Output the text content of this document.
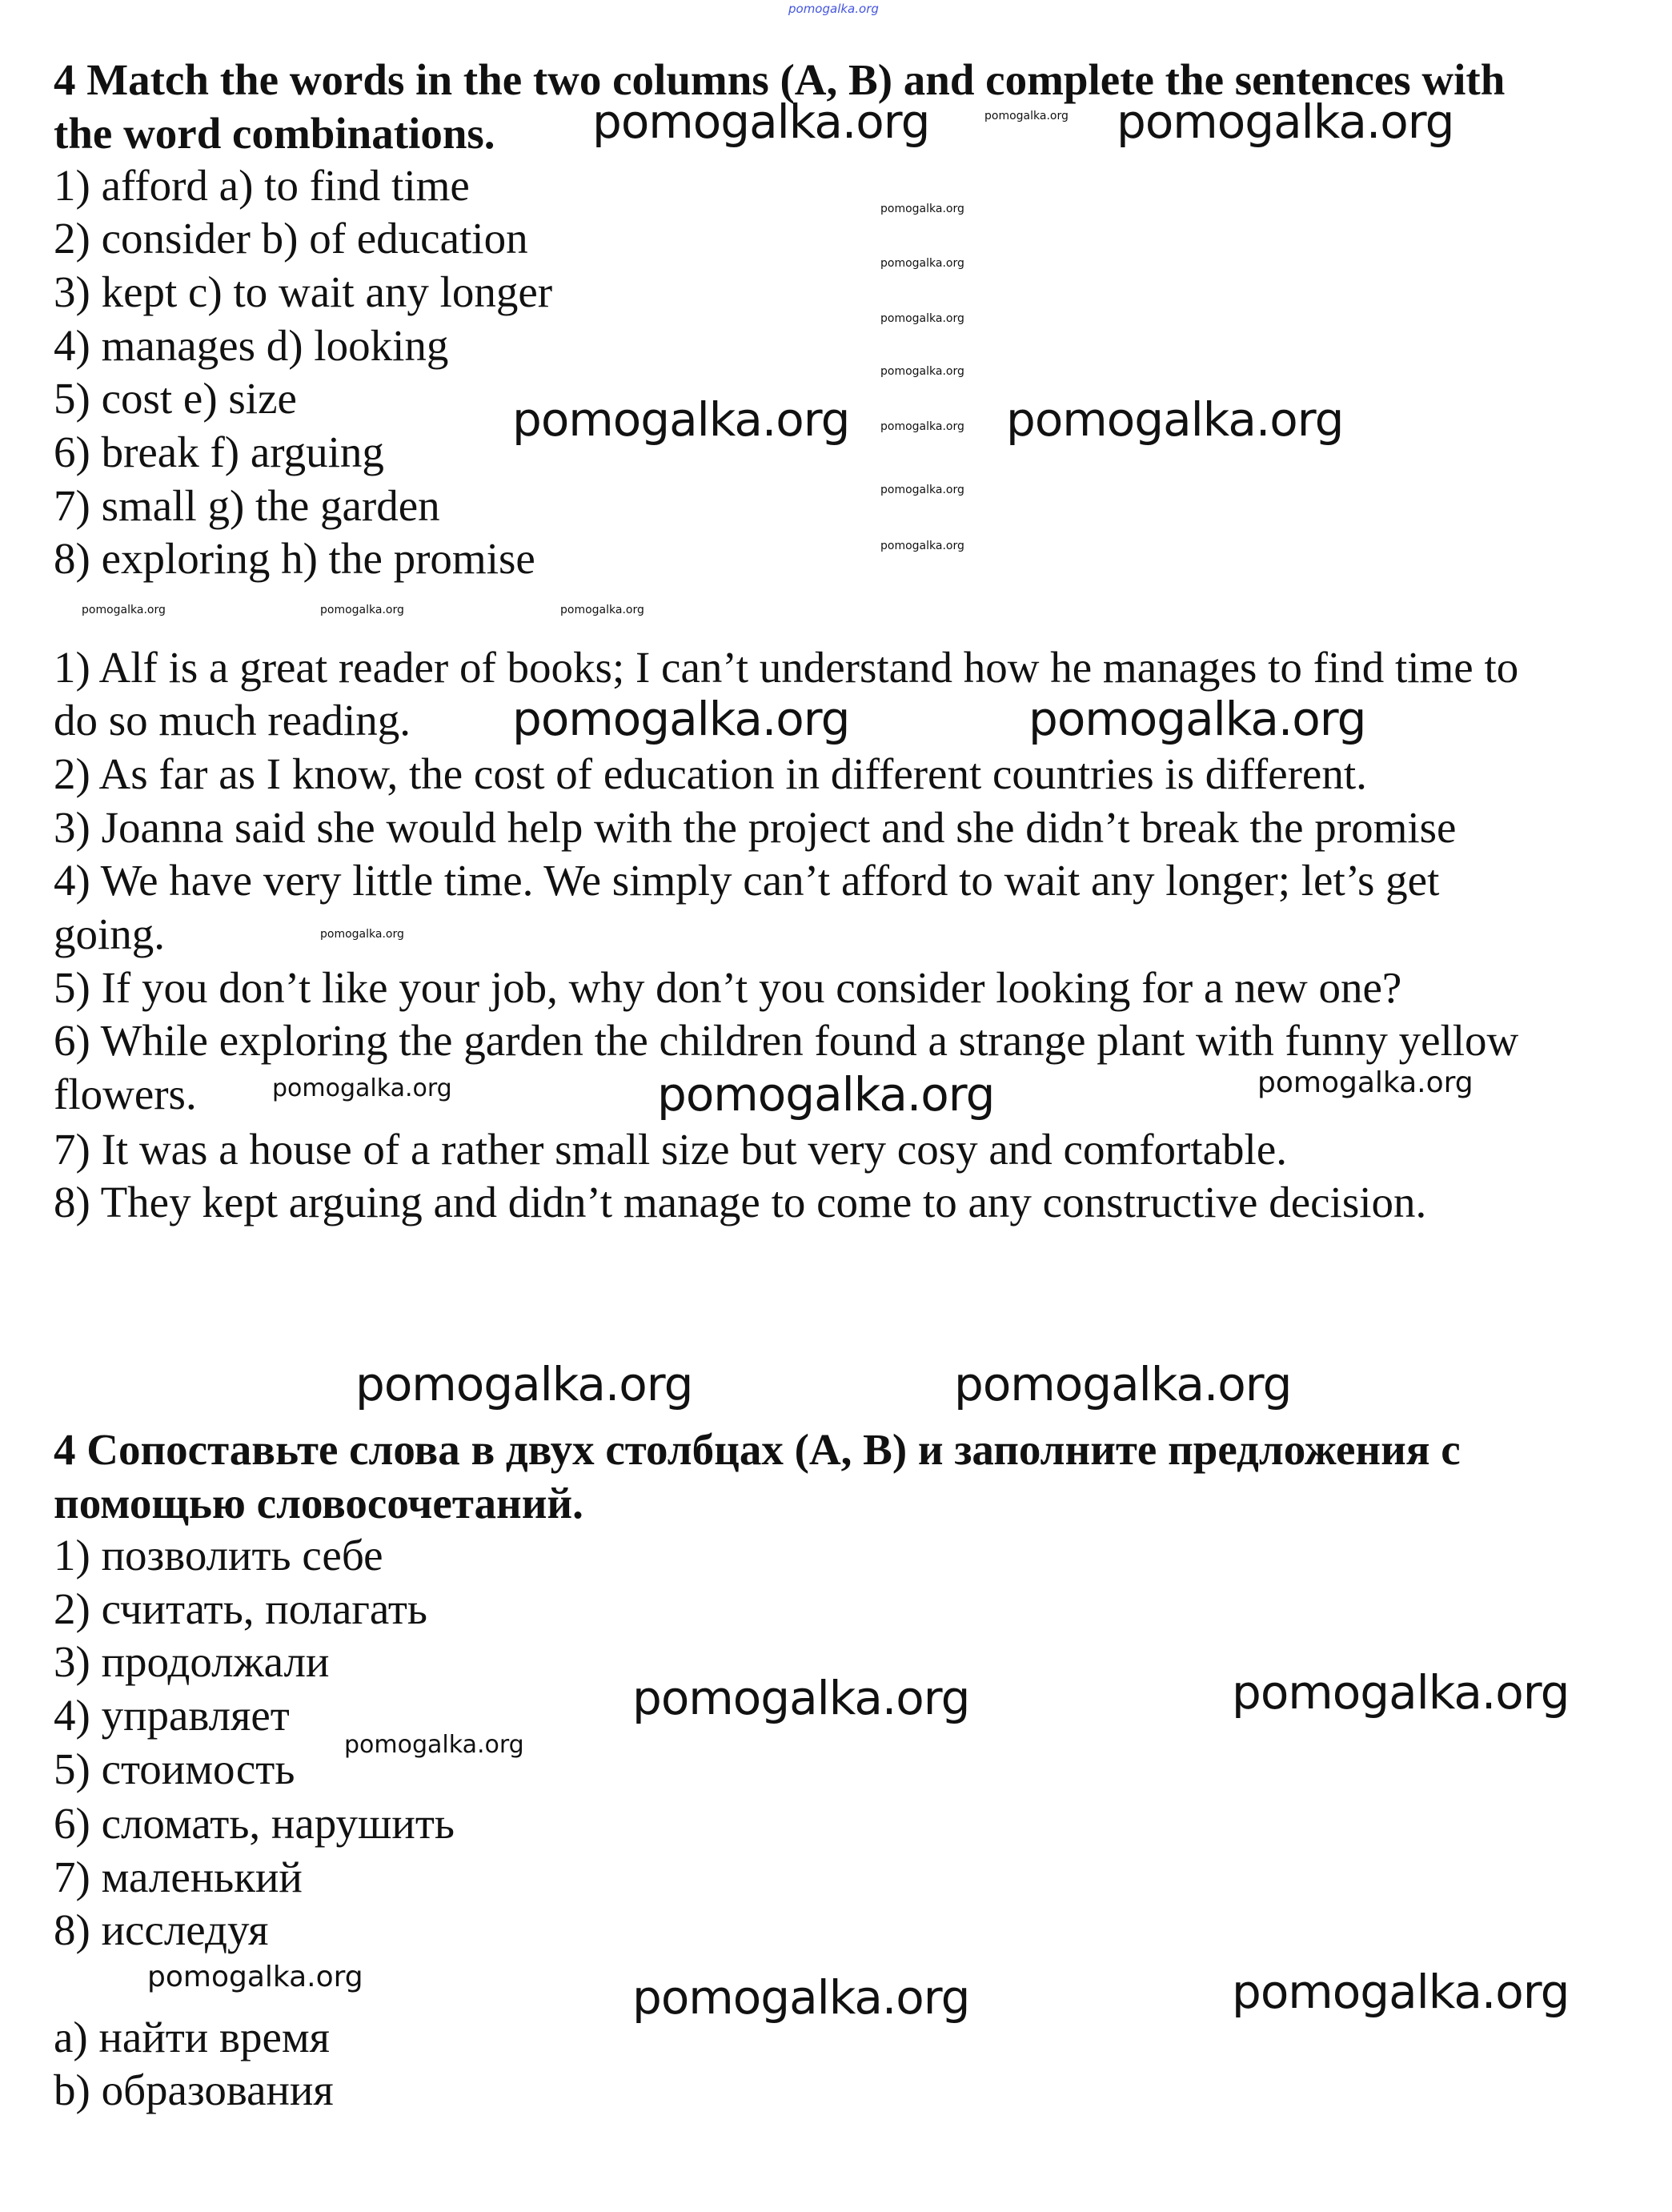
4 Match the words in the two columns (A, B) and complete the sentences with
the word combinations.
1) afford a) to find time
2) consider b) of education
3) kept c) to wait any longer
4) manages d) looking
5) cost e) size
6) break f) arguing
7) small g) the garden
8) exploring h) the promise
1) Alf is a great reader of books; I can’t understand how he manages to find time to
do so much reading.
2) As far as I know, the cost of education in different countries is different.
3) Joanna said she would help with the project and she didn’t break the promise
4) We have very little time. We simply can’t afford to wait any longer; let’s get
going.
5) If you don’t like your job, why don’t you consider looking for a new one?
6) While exploring the garden the children found a strange plant with funny yellow
flowers.
7) It was a house of a rather small size but very cosy and comfortable.
8) They kept arguing and didn’t manage to come to any constructive decision.
4 Сопоставьте слова в двух столбцах (A, B) и заполните предложения с
помощью словосочетаний.
1) позволить себе
2) считать, полагать
3) продолжали
4) управляет
5) стоимость
6) сломать, нарушить
7) маленький
8) исследуя
a) найти время
b) образования
pomogalka.org
pomogalka.org	pomogalka.org
pomogalka.org	pomogalka.org
pomogalka.org	pomogalka.org
pomogalka.org
pomogalka.org	pomogalka.org
pomogalka.org	pomogalka.org
pomogalka.org	pomogalka.org
pomogalka.org
pomogalka.org
pomogalka.org
pomogalka.org
pomogalka.org
pomogalka.org
pomogalka.org
pomogalka.org
pomogalka.org
pomogalka.org
pomogalka.org
pomogalka.org
pomogalka.org	pomogalka.org	pomogalka.org
pomogalka.org
